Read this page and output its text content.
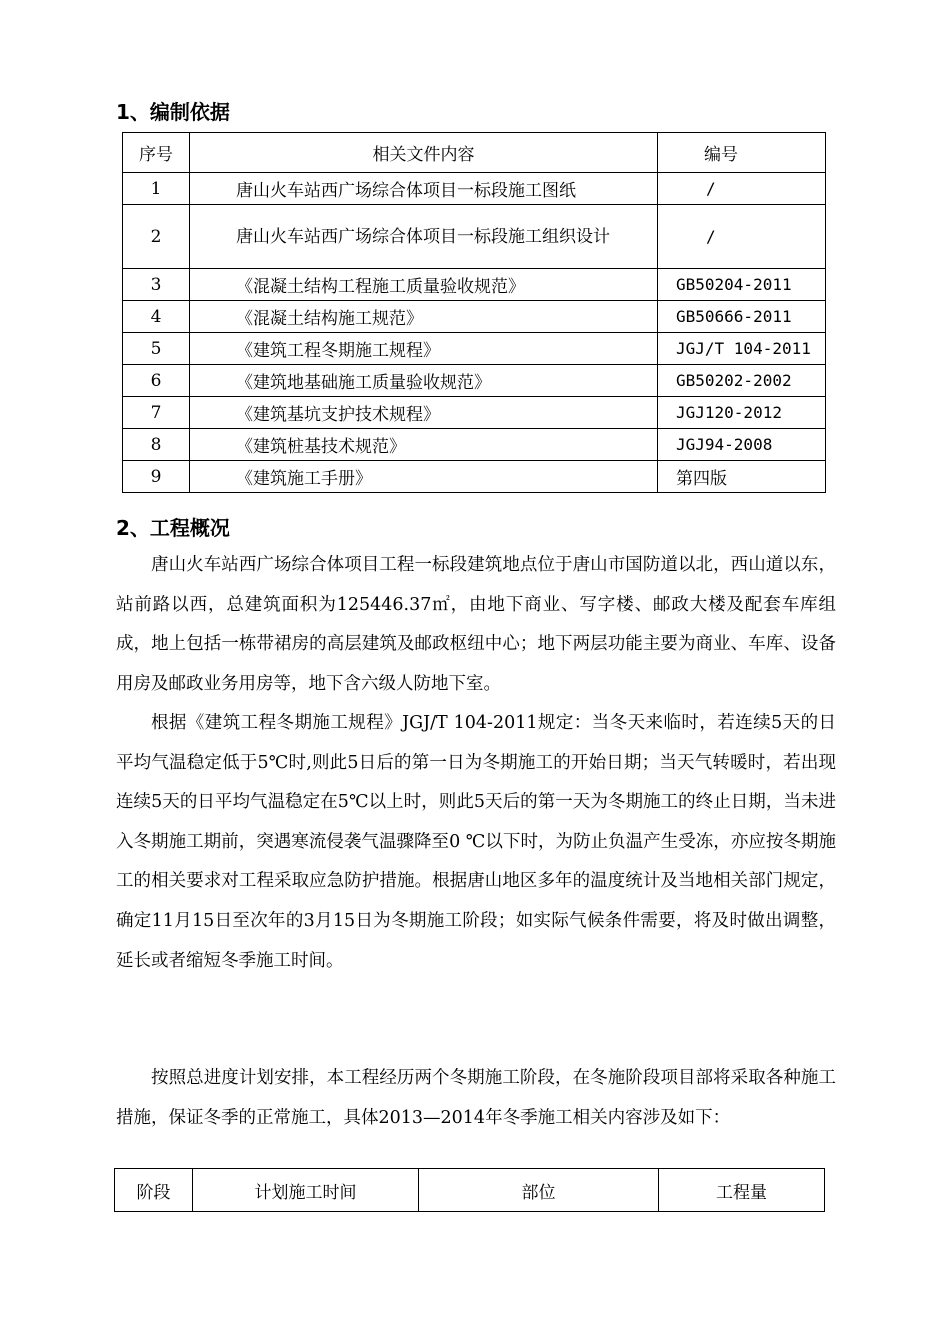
1、编制依据
序号	相关文件内容	编号
1	唐山火车站西广场综合体项目一标段施工图纸	/
2	唐山火车站西广场综合体项目一标段施工组织设计	/
3	《混凝土结构工程施工质量验收规范》	GB50204-2011
4	《混凝土结构施工规范》	GB50666-2011
5	《建筑工程冬期施工规程》	JGJ/T 104-2011
6	《建筑地基础施工质量验收规范》	GB50202-2002
7	《建筑基坑支护技术规程》	JGJ120-2012
8	《建筑桩基技术规范》	JGJ94-2008
9	《建筑施工手册》	第四版
2、工程概况

唐山火车站西广场综合体项目工程一标段建筑地点位于唐山市国防道以北，西山道以东，站前路以西，总建筑面积为125446.37㎡，由地下商业、写字楼、邮政大楼及配套车库组成，地上包括一栋带裙房的高层建筑及邮政枢纽中心；地下两层功能主要为商业、车库、设备用房及邮政业务用房等，地下含六级人防地下室。

根据《建筑工程冬期施工规程》JGJ/T 104-2011规定：当冬天来临时，若连续5天的日平均气温稳定低于5℃时,则此5日后的第一日为冬期施工的开始日期；当天气转暖时，若出现连续5天的日平均气温稳定在5℃以上时，则此5天后的第一天为冬期施工的终止日期，当未进入冬期施工期前，突遇寒流侵袭气温骤降至0 ℃以下时，为防止负温产生受冻，亦应按冬期施工的相关要求对工程采取应急防护措施。根据唐山地区多年的温度统计及当地相关部门规定，确定11月15日至次年的3月15日为冬期施工阶段；如实际气候条件需要，将及时做出调整，延长或者缩短冬季施工时间。

按照总进度计划安排，本工程经历两个冬期施工阶段，在冬施阶段项目部将采取各种施工措施，保证冬季的正常施工，具体2013—2014年冬季施工相关内容涉及如下：

阶段	计划施工时间	部位	工程量
